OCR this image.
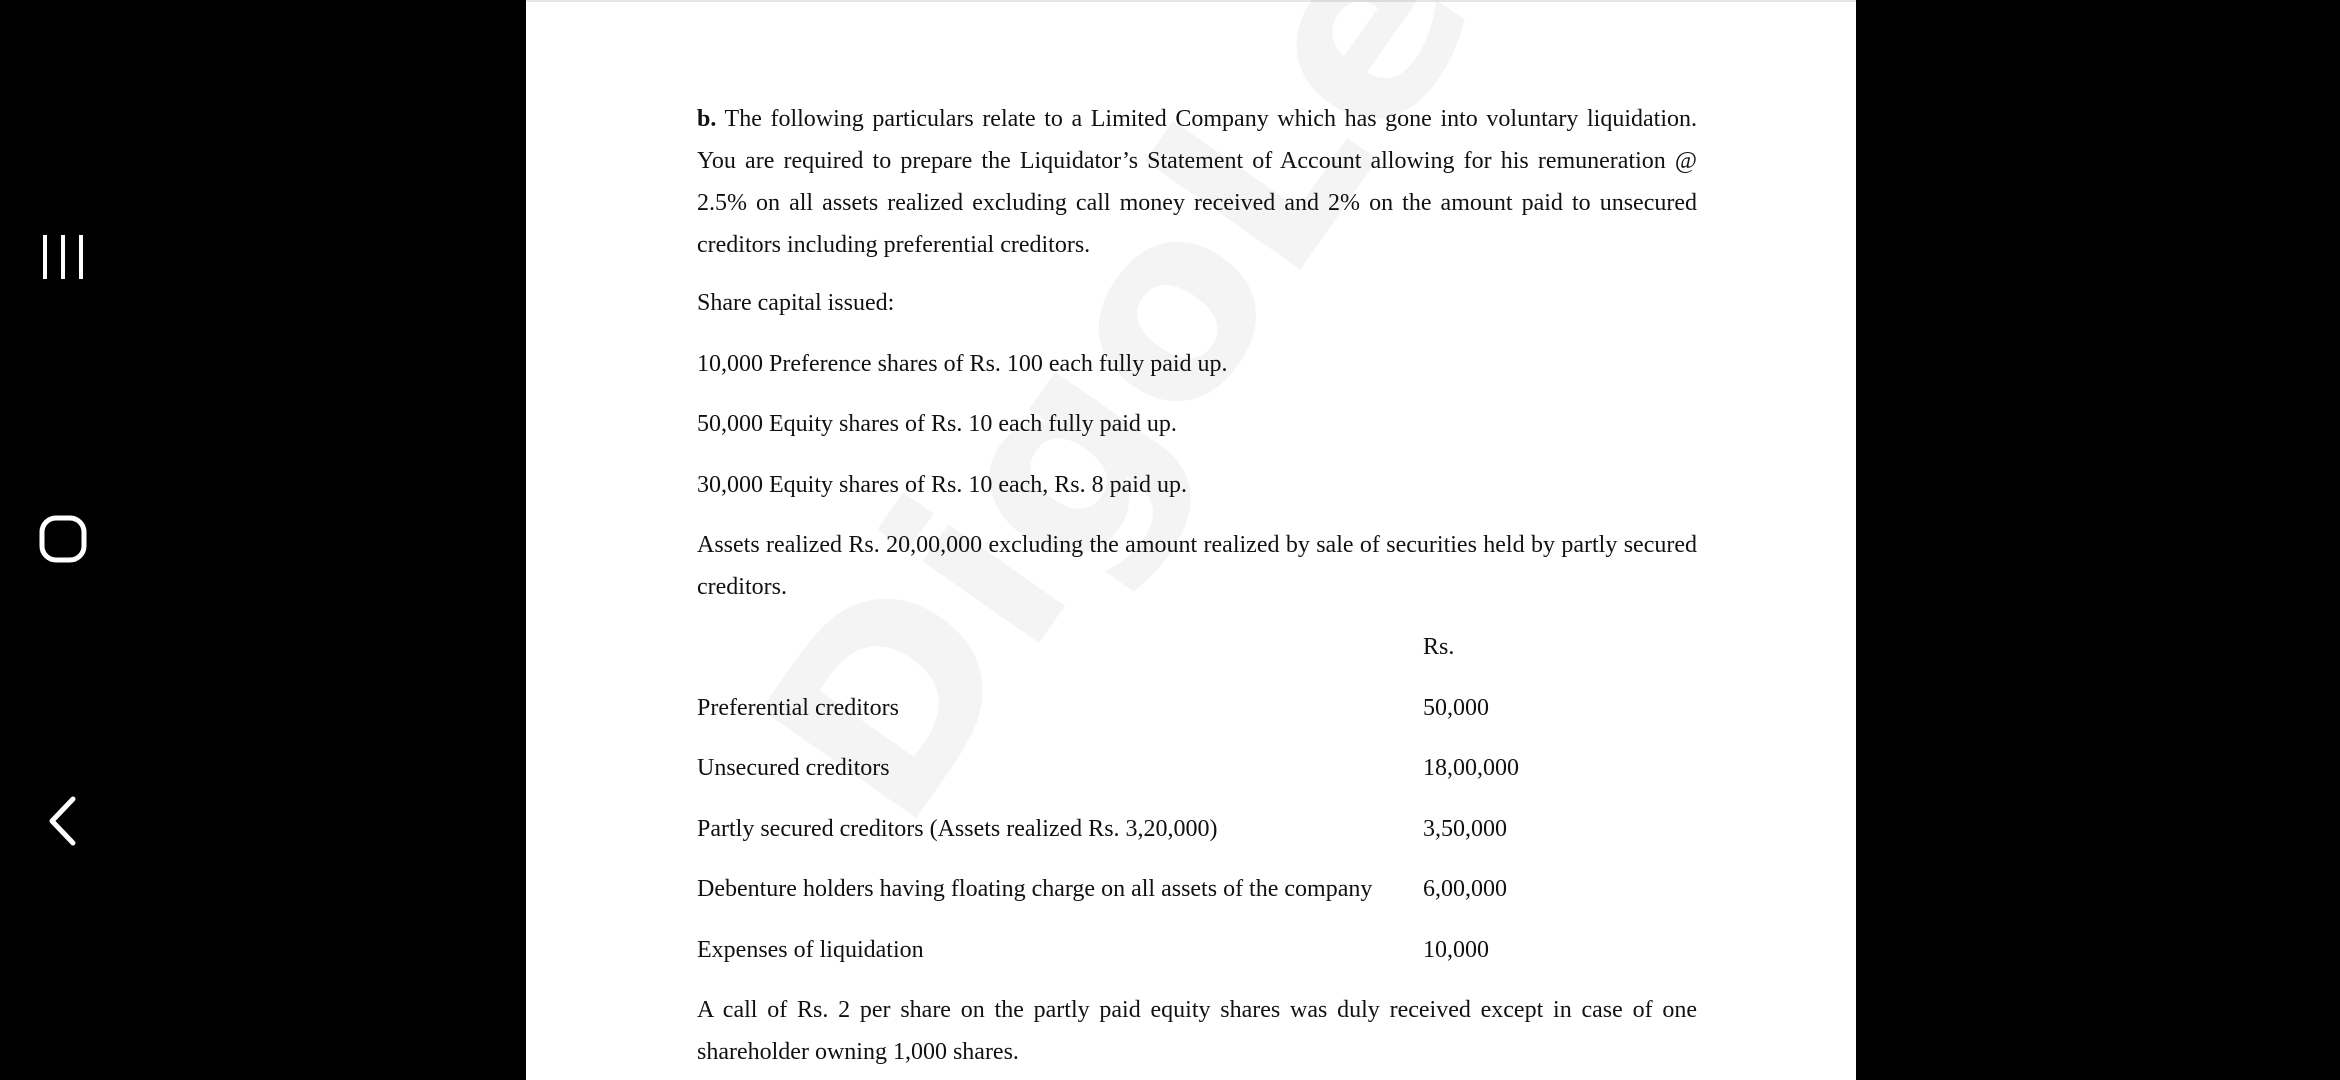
b. The following particulars relate to a Limited Company which has gone into voluntary liquidation. You are required to prepare the Liquidator’s Statement of Account allowing for his remuneration @ 2.5% on all assets realized excluding call money received and 2% on the amount paid to unsecured creditors including preferential creditors.

Share capital issued:

10,000 Preference shares of Rs. 100 each fully paid up.

50,000 Equity shares of Rs. 10 each fully paid up.

30,000 Equity shares of Rs. 10 each, Rs. 8 paid up.

Assets realized Rs. 20,00,000 excluding the amount realized by sale of securities held by partly secured creditors.

Rs.
Preferential creditors	50,000
Unsecured creditors	18,00,000
Partly secured creditors (Assets realized Rs. 3,20,000)	3,50,000
Debenture holders having floating charge on all assets of the company 6,00,000
Expenses of liquidation	10,000

A call of Rs. 2 per share on the partly paid equity shares was duly received except in case of one shareholder owning 1,000 shares.
